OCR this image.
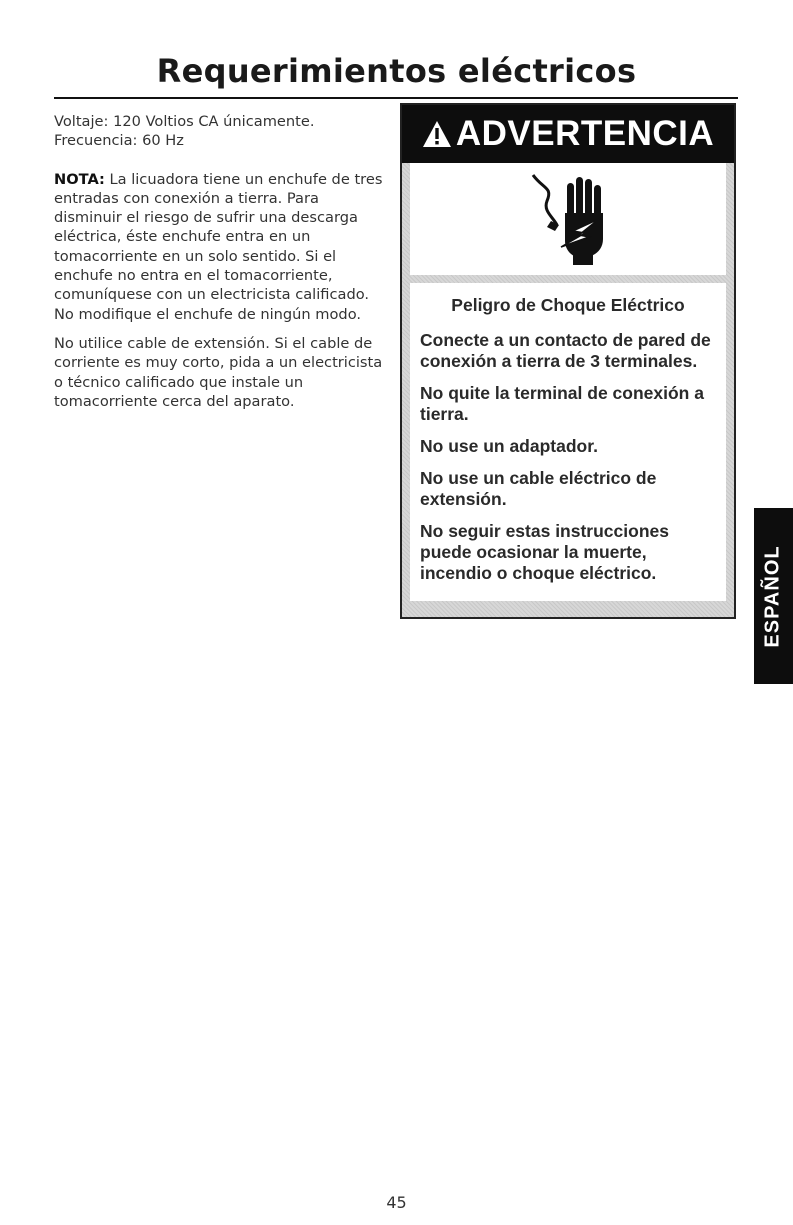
Requerimientos eléctricos

Voltaje: 120 Voltios CA únicamente.
Frecuencia: 60 Hz

NOTA: La licuadora tiene un enchufe de tres entradas con conexión a tierra. Para disminuir el riesgo de sufrir una descarga eléctrica, éste enchufe entra en un tomacorriente en un solo sentido. Si el enchufe no entra en el tomacorriente, comuníquese con un electricista calificado. No modifique el enchufe de ningún modo.

No utilice cable de extensión. Si el cable de corriente es muy corto, pida a un electricista o técnico calificado que instale un tomacorriente cerca del aparato.

ADVERTENCIA
Peligro de Choque Eléctrico

Conecte a un contacto de pared de conexión a tierra de 3 terminales.

No quite la terminal de conexión a tierra.

No use un adaptador.

No use un cable eléctrico de extensión.

No seguir estas instrucciones puede ocasionar la muerte, incendio o choque eléctrico.	ESPAÑOL
45
